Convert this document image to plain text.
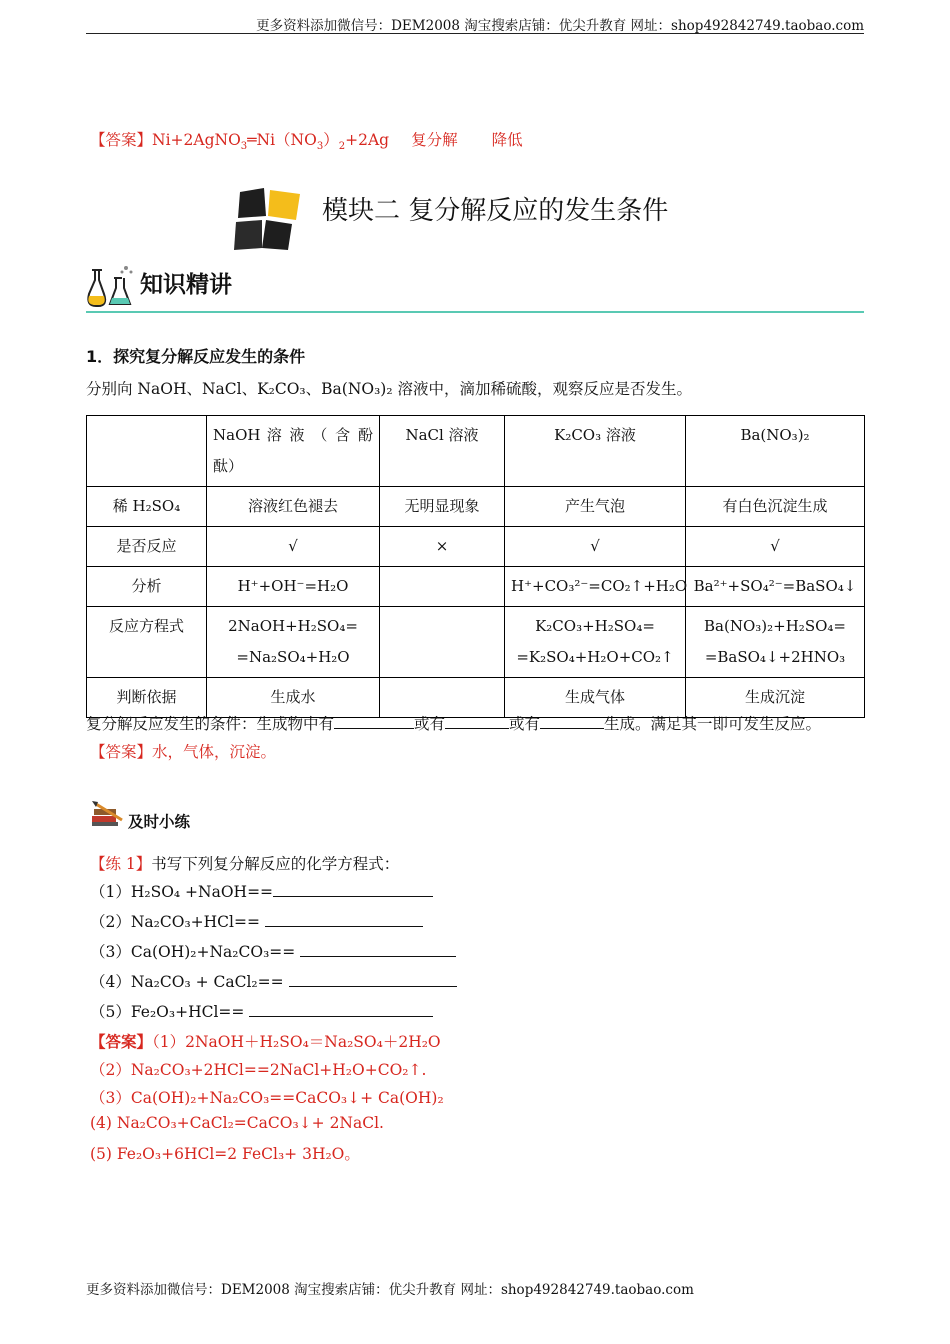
更多资料添加微信号：DEM2008 淘宝搜索店铺：优尖升教育 网址：shop492842749.taobao.com
【答案】$Ni+2AgNO_3═Ni(NO_3)_2+2Ag$ 复分解 降低
模块二 复分解反应的发生条件
知识精讲
1．探究复分解反应发生的条件
分别向 NaOH、NaCl、K₂CO₃、Ba(NO₃)₂ 溶液中，滴加稀硫酸，观察反应是否发生。
	NaOH 溶 液 （ 含 酚 酞）	NaCl 溶液	K₂CO₃ 溶液	Ba(NO₃)₂
稀 H₂SO₄	溶液红色褪去	无明显现象	产生气泡	有白色沉淀生成
是否反应	√	×	√	√
分析	H⁺+OH⁻=H₂O		H⁺+CO₃²⁻=CO₂↑+H₂O	Ba²⁺+SO₄²⁻=BaSO₄↓
反应方程式	2NaOH+H₂SO₄= =Na₂SO₄+H₂O		K₂CO₃+H₂SO₄= =K₂SO₄+H₂O+CO₂↑	Ba(NO₃)₂+H₂SO₄= =BaSO₄↓+2HNO₃
判断依据	生成水		生成气体	生成沉淀
复分解反应发生的条件：生成物中有	或有	或有	生成。满足其一即可发生反应。
【答案】水，气体，沉淀。
及时小练
【练 1】书写下列复分解反应的化学方程式：
（1）H₂SO₄ +NaOH==
（2）Na₂CO₃+HCl==
（3）Ca(OH)₂+Na₂CO₃==
（4）Na₂CO₃ + CaCl₂==
（5）Fe₂O₃+HCl==
【答案】（1）2NaOH＋H₂SO₄＝Na₂SO₄＋2H₂O
（2）Na₂CO₃+2HCl==2NaCl+H₂O+CO₂↑.
（3）Ca(OH)₂+Na₂CO₃==CaCO₃↓+ Ca(OH)₂
(4) Na₂CO₃+CaCl₂=CaCO₃↓+ 2NaCl.
(5) Fe₂O₃+6HCl=2 FeCl₃+ 3H₂O。
更多资料添加微信号：DEM2008 淘宝搜索店铺：优尖升教育 网址：shop492842749.taobao.com
